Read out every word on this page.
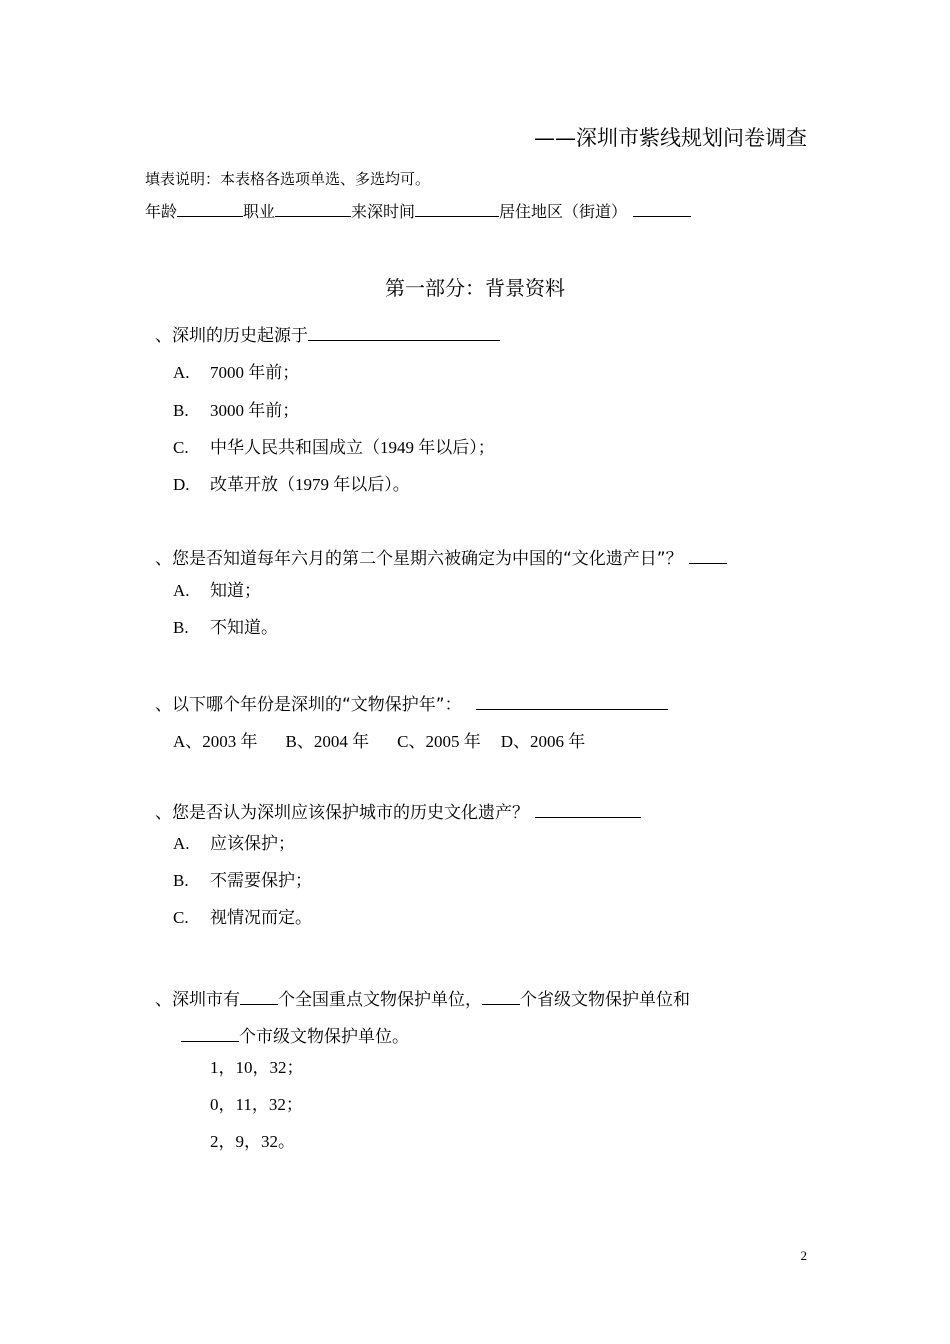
——深圳市紫线规划问卷调查
填表说明：本表格各选项单选、多选均可。
年龄	职业	来深时间	居住地区（街道）
第一部分：背景资料
、深圳的历史起源于
A. 7000 年前；
B. 3000 年前；
C. 中华人民共和国成立（1949 年以后）；
D. 改革开放（1979 年以后）。
、您是否知道每年六月的第二个星期六被确定为中国的“文化遗产日”？
A. 知道；
B. 不知道。
、以下哪个年份是深圳的“文物保护年”：
A、2003 年 B、2004 年 C、2005 年 D、2006 年
、您是否认为深圳应该保护城市的历史文化遗产？
A. 应该保护；
B. 不需要保护；
C. 视情况而定。
、深圳市有 个全国重点文物保护单位， 个省级文物保护单位和
个市级文物保护单位。
1，10，32；
0，11，32；
2，9，32。
2
